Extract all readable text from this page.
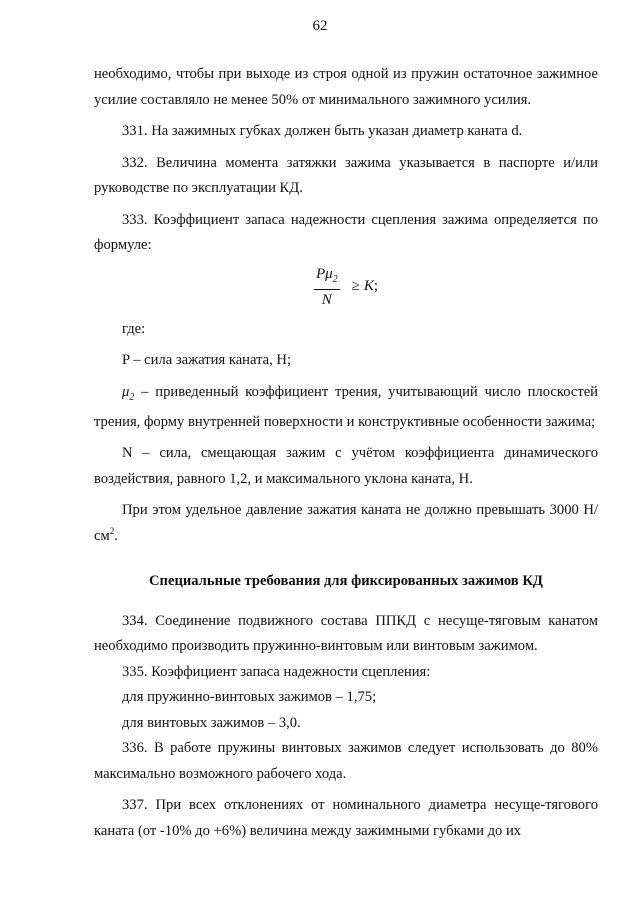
62

необходимо, чтобы при выходе из строя одной из пружин остаточное зажимное усилие составляло не менее 50% от минимального зажимного усилия.

331. На зажимных губках должен быть указан диаметр каната d.

332. Величина момента затяжки зажима указывается в паспорте и/или руководстве по эксплуатации КД.

333. Коэффициент запаса надежности сцепления зажима определяется по формуле:

$\frac{P\mu_2}{N} \ge K$ ;

где:

P – сила зажатия каната, Н;

$\mu_2$ – приведенный коэффициент трения, учитывающий число плоскостей трения, форму внутренней поверхности и конструктивные особенности зажима;

N – сила, смещающая зажим с учётом коэффициента динамического воздействия, равного 1,2, и максимального уклона каната, Н.

При этом удельное давление зажатия каната не должно превышать 3000 $Н/см^2$.

Специальные требования для фиксированных зажимов КД

334. Соединение подвижного состава ППКД с несуще-тяговым канатом необходимо производить пружинно-винтовым или винтовым зажимом.

335. Коэффициент запаса надежности сцепления:

для пружинно-винтовых зажимов – 1,75;

для винтовых зажимов – 3,0.

336. В работе пружины винтовых зажимов следует использовать до 80% максимально возможного рабочего хода.

337. При всех отклонениях от номинального диаметра несуще-тягового каната (от -10% до +6%) величина между зажимными губками до их
